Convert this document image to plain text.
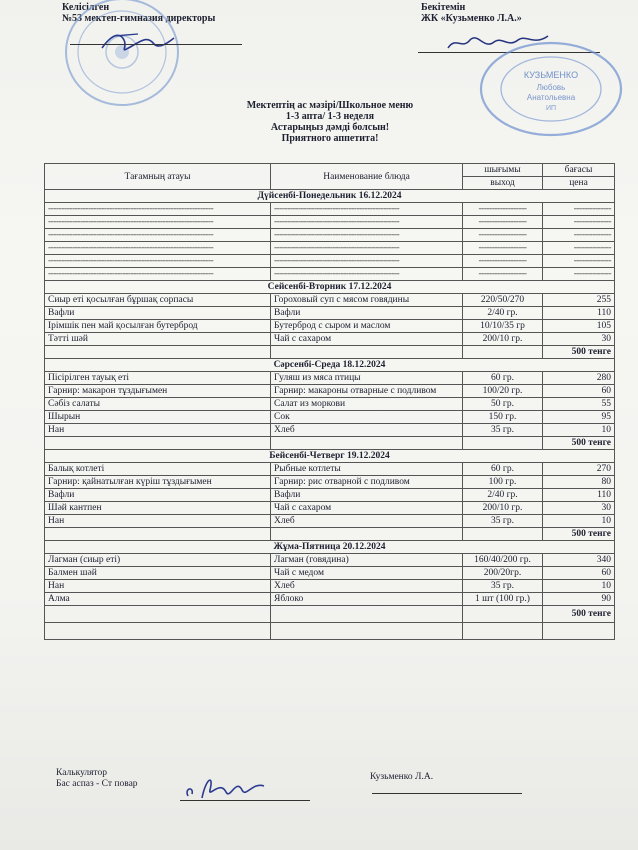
Келісілген
№53 мектеп-гимназия директоры
Бекітемін
ЖК «Кузьменко Л.А.»
КУЗЬМЕНКО
Любовь
Анатольевна
ИП
Мектептің ас мәзірі/Школьное меню
1-3 апта/ 1-3 неделя
Астарыңыз дәмді болсын!
Приятного аппетита!
Тағамның атауы	Наименование блюда	шығымы	бағасы
		выход	цена
Дүйсенбі-Понедельник 16.12.2024			
--------------------------------------------------------------	-----------------------------------------------	------------------	--------------
--------------------------------------------------------------	-----------------------------------------------	------------------	--------------
--------------------------------------------------------------	-----------------------------------------------	------------------	--------------
--------------------------------------------------------------	-----------------------------------------------	------------------	--------------
--------------------------------------------------------------	-----------------------------------------------	------------------	--------------
--------------------------------------------------------------	-----------------------------------------------	------------------	--------------
Сейсенбі-Вторник 17.12.2024			
Сиыр еті қосылған бұршақ сорпасы	Гороховый суп с мясом говядины	220/50/270	255
Вафли	Вафли	2/40 гр.	110
Ірімшік пен май қосылған бутерброд	Бутерброд с сыром и маслом	10/10/35 гр	105
Тәтті шәй	Чай с сахаром	200/10 гр.	30
			500 тенге
Сәрсенбі-Среда 18.12.2024			
Пісірілген тауық еті	Гуляш из мяса птицы	60 гр.	280
Гарнир: макарон тұздығымен	Гарнир: макароны отварные с подливом	100/20 гр.	60
Сәбіз салаты	Салат из моркови	50 гр.	55
Шырын	Сок	150 гр.	95
Нан	Хлеб	35 гр.	10
			500 тенге
Бейсенбі-Четверг 19.12.2024			
Балық котлеті	Рыбные котлеты	60 гр.	270
Гарнир: қайнатылған күріш тұздығымен	Гарнир: рис отварной с подливом	100 гр.	80
Вафли	Вафли	2/40 гр.	110
Шәй кантпен	Чай с сахаром	200/10 гр.	30
Нан	Хлеб	35 гр.	10
			500 тенге
Жұма-Пятница 20.12.2024			
Лагман (сиыр еті)	Лагман (говядина)	160/40/200 гр.	340
Балмен шәй	Чай с медом	200/20гр.	60
Нан	Хлеб	35 гр.	10
Алма	Яблоко	1 шт (100 гр.)	90
			500 тенге

Калькулятор
Бас аспаз - Ст повар
Кузьменко Л.А.
